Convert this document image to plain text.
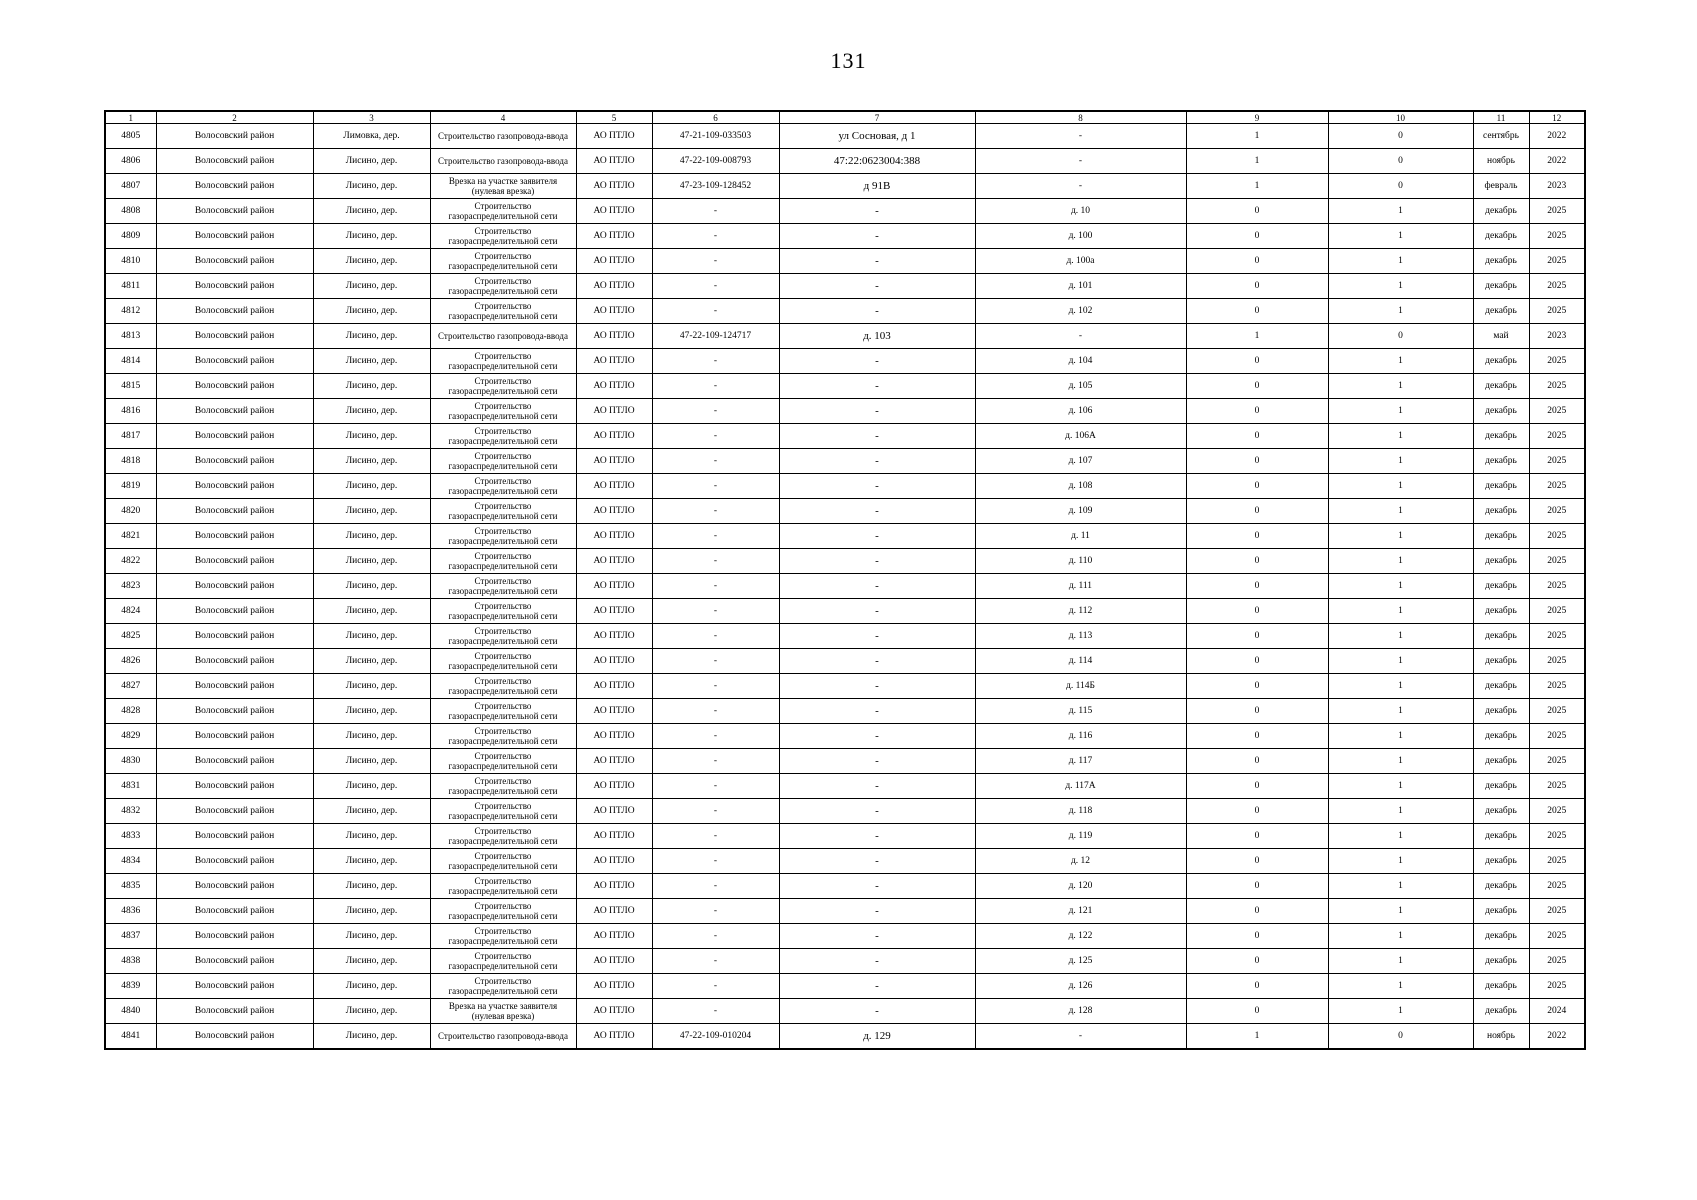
131
1	2	3	4	5	6	7	8	9	10	11	12
4805	Волосовский район	Лимовка, дер.	Строительство газопровода-ввода	АО ПТЛО	47-21-109-033503	ул Сосновая, д 1	-	1	0	сентябрь	2022
4806	Волосовский район	Лисино, дер.	Строительство газопровода-ввода	АО ПТЛО	47-22-109-008793	47:22:0623004:388	-	1	0	ноябрь	2022
4807	Волосовский район	Лисино, дер.	Врезка на участке заявителя (нулевая врезка)	АО ПТЛО	47-23-109-128452	д 91В	-	1	0	февраль	2023
4808	Волосовский район	Лисино, дер.	Строительство газораспределительной сети	АО ПТЛО	-	-	д. 10	0	1	декабрь	2025
4809	Волосовский район	Лисино, дер.	Строительство газораспределительной сети	АО ПТЛО	-	-	д. 100	0	1	декабрь	2025
4810	Волосовский район	Лисино, дер.	Строительство газораспределительной сети	АО ПТЛО	-	-	д. 100а	0	1	декабрь	2025
4811	Волосовский район	Лисино, дер.	Строительство газораспределительной сети	АО ПТЛО	-	-	д. 101	0	1	декабрь	2025
4812	Волосовский район	Лисино, дер.	Строительство газораспределительной сети	АО ПТЛО	-	-	д. 102	0	1	декабрь	2025
4813	Волосовский район	Лисино, дер.	Строительство газопровода-ввода	АО ПТЛО	47-22-109-124717	д. 103	-	1	0	май	2023
4814	Волосовский район	Лисино, дер.	Строительство газораспределительной сети	АО ПТЛО	-	-	д. 104	0	1	декабрь	2025
4815	Волосовский район	Лисино, дер.	Строительство газораспределительной сети	АО ПТЛО	-	-	д. 105	0	1	декабрь	2025
4816	Волосовский район	Лисино, дер.	Строительство газораспределительной сети	АО ПТЛО	-	-	д. 106	0	1	декабрь	2025
4817	Волосовский район	Лисино, дер.	Строительство газораспределительной сети	АО ПТЛО	-	-	д. 106А	0	1	декабрь	2025
4818	Волосовский район	Лисино, дер.	Строительство газораспределительной сети	АО ПТЛО	-	-	д. 107	0	1	декабрь	2025
4819	Волосовский район	Лисино, дер.	Строительство газораспределительной сети	АО ПТЛО	-	-	д. 108	0	1	декабрь	2025
4820	Волосовский район	Лисино, дер.	Строительство газораспределительной сети	АО ПТЛО	-	-	д. 109	0	1	декабрь	2025
4821	Волосовский район	Лисино, дер.	Строительство газораспределительной сети	АО ПТЛО	-	-	д. 11	0	1	декабрь	2025
4822	Волосовский район	Лисино, дер.	Строительство газораспределительной сети	АО ПТЛО	-	-	д. 110	0	1	декабрь	2025
4823	Волосовский район	Лисино, дер.	Строительство газораспределительной сети	АО ПТЛО	-	-	д. 111	0	1	декабрь	2025
4824	Волосовский район	Лисино, дер.	Строительство газораспределительной сети	АО ПТЛО	-	-	д. 112	0	1	декабрь	2025
4825	Волосовский район	Лисино, дер.	Строительство газораспределительной сети	АО ПТЛО	-	-	д. 113	0	1	декабрь	2025
4826	Волосовский район	Лисино, дер.	Строительство газораспределительной сети	АО ПТЛО	-	-	д. 114	0	1	декабрь	2025
4827	Волосовский район	Лисино, дер.	Строительство газораспределительной сети	АО ПТЛО	-	-	д. 114Б	0	1	декабрь	2025
4828	Волосовский район	Лисино, дер.	Строительство газораспределительной сети	АО ПТЛО	-	-	д. 115	0	1	декабрь	2025
4829	Волосовский район	Лисино, дер.	Строительство газораспределительной сети	АО ПТЛО	-	-	д. 116	0	1	декабрь	2025
4830	Волосовский район	Лисино, дер.	Строительство газораспределительной сети	АО ПТЛО	-	-	д. 117	0	1	декабрь	2025
4831	Волосовский район	Лисино, дер.	Строительство газораспределительной сети	АО ПТЛО	-	-	д. 117А	0	1	декабрь	2025
4832	Волосовский район	Лисино, дер.	Строительство газораспределительной сети	АО ПТЛО	-	-	д. 118	0	1	декабрь	2025
4833	Волосовский район	Лисино, дер.	Строительство газораспределительной сети	АО ПТЛО	-	-	д. 119	0	1	декабрь	2025
4834	Волосовский район	Лисино, дер.	Строительство газораспределительной сети	АО ПТЛО	-	-	д. 12	0	1	декабрь	2025
4835	Волосовский район	Лисино, дер.	Строительство газораспределительной сети	АО ПТЛО	-	-	д. 120	0	1	декабрь	2025
4836	Волосовский район	Лисино, дер.	Строительство газораспределительной сети	АО ПТЛО	-	-	д. 121	0	1	декабрь	2025
4837	Волосовский район	Лисино, дер.	Строительство газораспределительной сети	АО ПТЛО	-	-	д. 122	0	1	декабрь	2025
4838	Волосовский район	Лисино, дер.	Строительство газораспределительной сети	АО ПТЛО	-	-	д. 125	0	1	декабрь	2025
4839	Волосовский район	Лисино, дер.	Строительство газораспределительной сети	АО ПТЛО	-	-	д. 126	0	1	декабрь	2025
4840	Волосовский район	Лисино, дер.	Врезка на участке заявителя (нулевая врезка)	АО ПТЛО	-	-	д. 128	0	1	декабрь	2024
4841	Волосовский район	Лисино, дер.	Строительство газопровода-ввода	АО ПТЛО	47-22-109-010204	д. 129	-	1	0	ноябрь	2022
